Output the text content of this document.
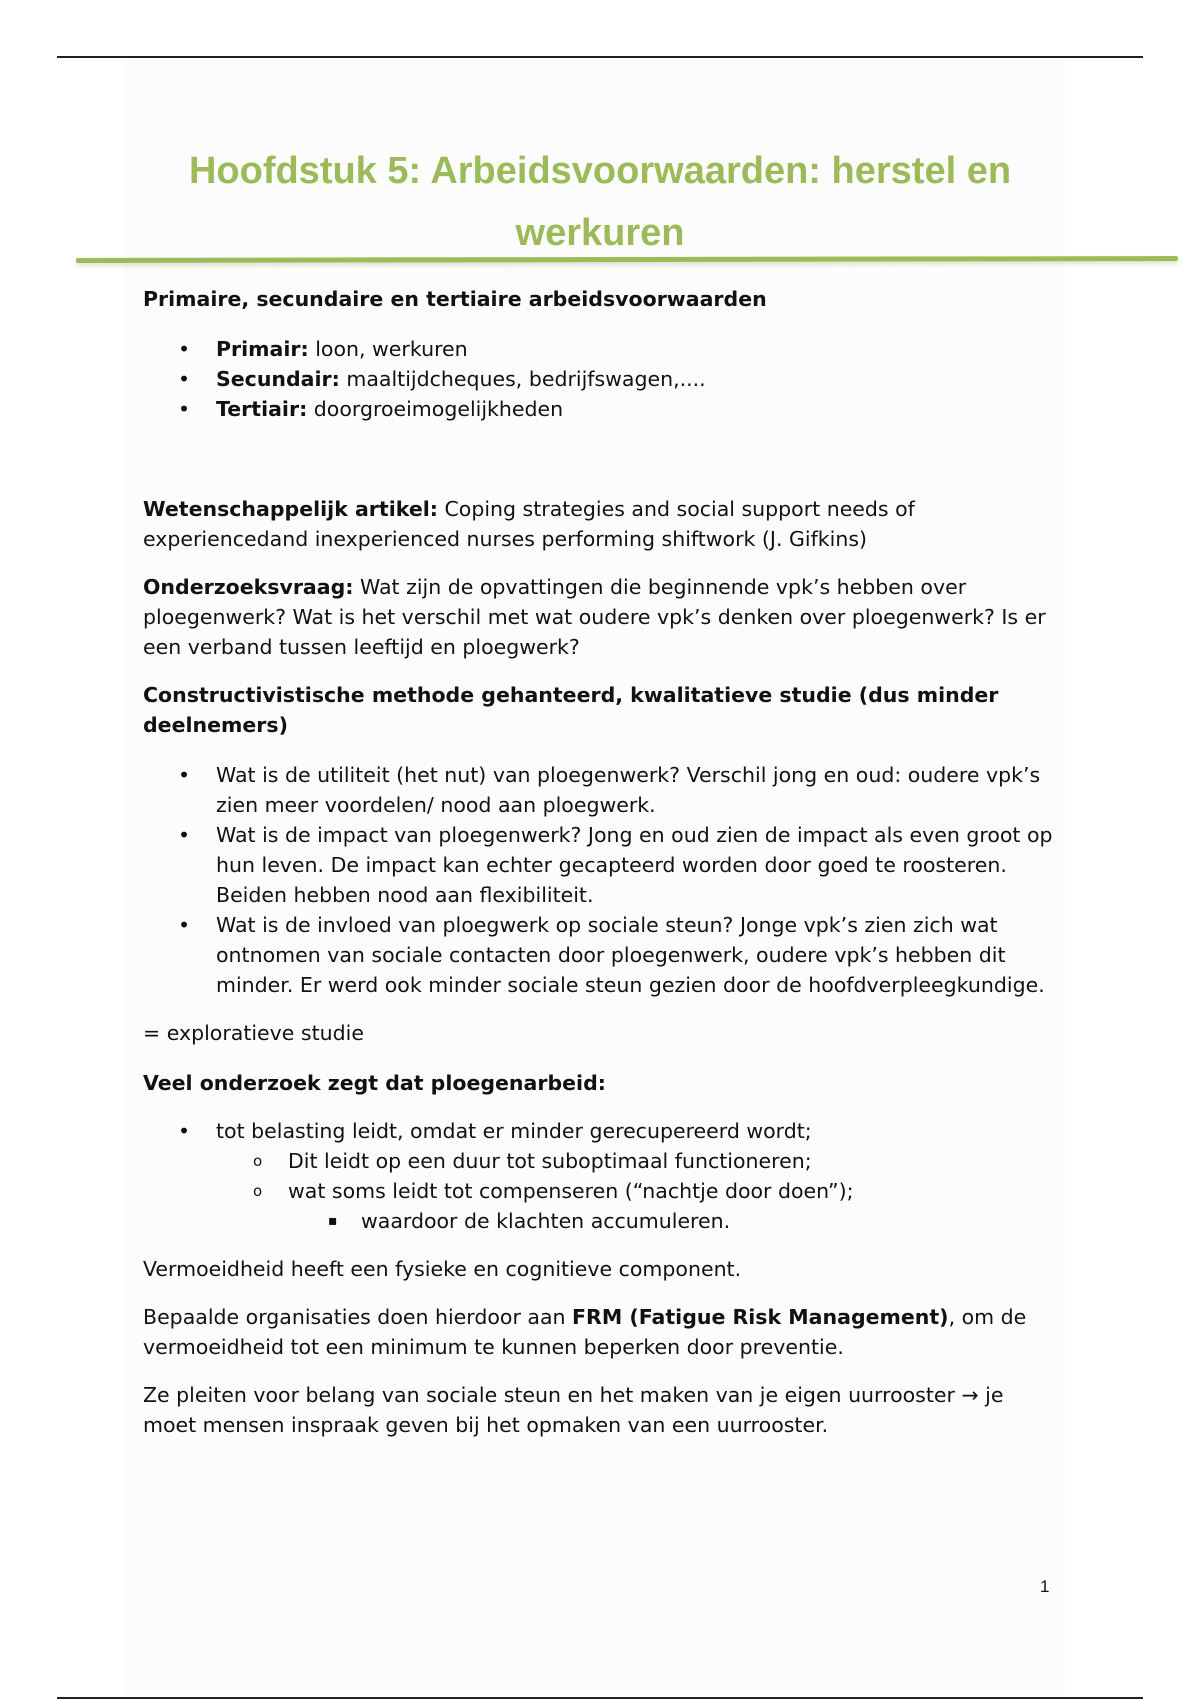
Hoofdstuk 5: Arbeidsvoorwaarden: herstel en werkuren

Primaire, secundaire en tertiaire arbeidsvoorwaarden

• Primair: loon, werkuren
• Secundair: maaltijdcheques, bedrijfswagen,....
• Tertiair: doorgroeimogelijkheden

Wetenschappelijk artikel: Coping strategies and social support needs of experiencedand inexperienced nurses performing shiftwork (J. Gifkins)

Onderzoeksvraag: Wat zijn de opvattingen die beginnende vpk’s hebben over ploegenwerk? Wat is het verschil met wat oudere vpk’s denken over ploegenwerk? Is er een verband tussen leeftijd en ploegwerk?

Constructivistische methode gehanteerd, kwalitatieve studie (dus minder deelnemers)

• Wat is de utiliteit (het nut) van ploegenwerk? Verschil jong en oud: oudere vpk’s zien meer voordelen/ nood aan ploegwerk.
• Wat is de impact van ploegenwerk? Jong en oud zien de impact als even groot op hun leven. De impact kan echter gecapteerd worden door goed te roosteren. Beiden hebben nood aan flexibiliteit.
• Wat is de invloed van ploegwerk op sociale steun? Jonge vpk’s zien zich wat ontnomen van sociale contacten door ploegenwerk, oudere vpk’s hebben dit minder. Er werd ook minder sociale steun gezien door de hoofdverpleegkundige.

= exploratieve studie

Veel onderzoek zegt dat ploegenarbeid:

• tot belasting leidt, omdat er minder gerecupereerd wordt;
o Dit leidt op een duur tot suboptimaal functioneren;
o wat soms leidt tot compenseren (“nachtje door doen”);
▪ waardoor de klachten accumuleren.

Vermoeidheid heeft een fysieke en cognitieve component.

Bepaalde organisaties doen hierdoor aan FRM (Fatigue Risk Management), om de vermoeidheid tot een minimum te kunnen beperken door preventie.

Ze pleiten voor belang van sociale steun en het maken van je eigen uurrooster → je moet mensen inspraak geven bij het opmaken van een uurrooster.

1
